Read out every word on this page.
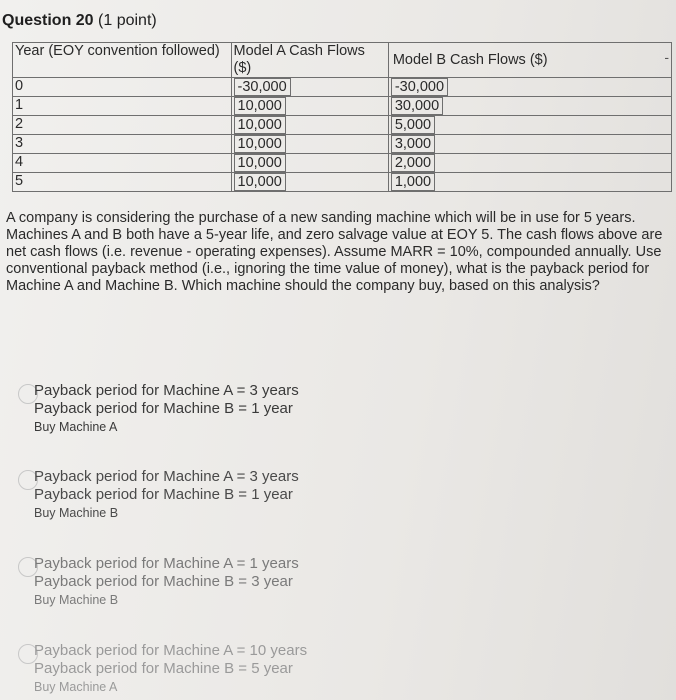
Question 20 (1 point)
Year (EOY convention followed)	Model A Cash Flows ($)	Model B Cash Flows ($) -

0	-30,000	-30,000
1	10,000	30,000
2	10,000	5,000
3	10,000	3,000
4	10,000	2,000
5	10,000	1,000
A company is considering the purchase of a new sanding machine which will be in use for 5 years. Machines A and B both have a 5-year life, and zero salvage value at EOY 5. The cash flows above are net cash flows (i.e. revenue - operating expenses). Assume MARR = 10%, compounded annually. Use conventional payback method (i.e., ignoring the time value of money), what is the payback period for Machine A and Machine B. Which machine should the company buy, based on this analysis?
Payback period for Machine A = 3 years
Payback period for Machine B = 1 year
Buy Machine A
Payback period for Machine A = 3 years
Payback period for Machine B = 1 year
Buy Machine B
Payback period for Machine A = 1 years
Payback period for Machine B = 3 year
Buy Machine B
Payback period for Machine A = 10 years
Payback period for Machine B = 5 year
Buy Machine A
